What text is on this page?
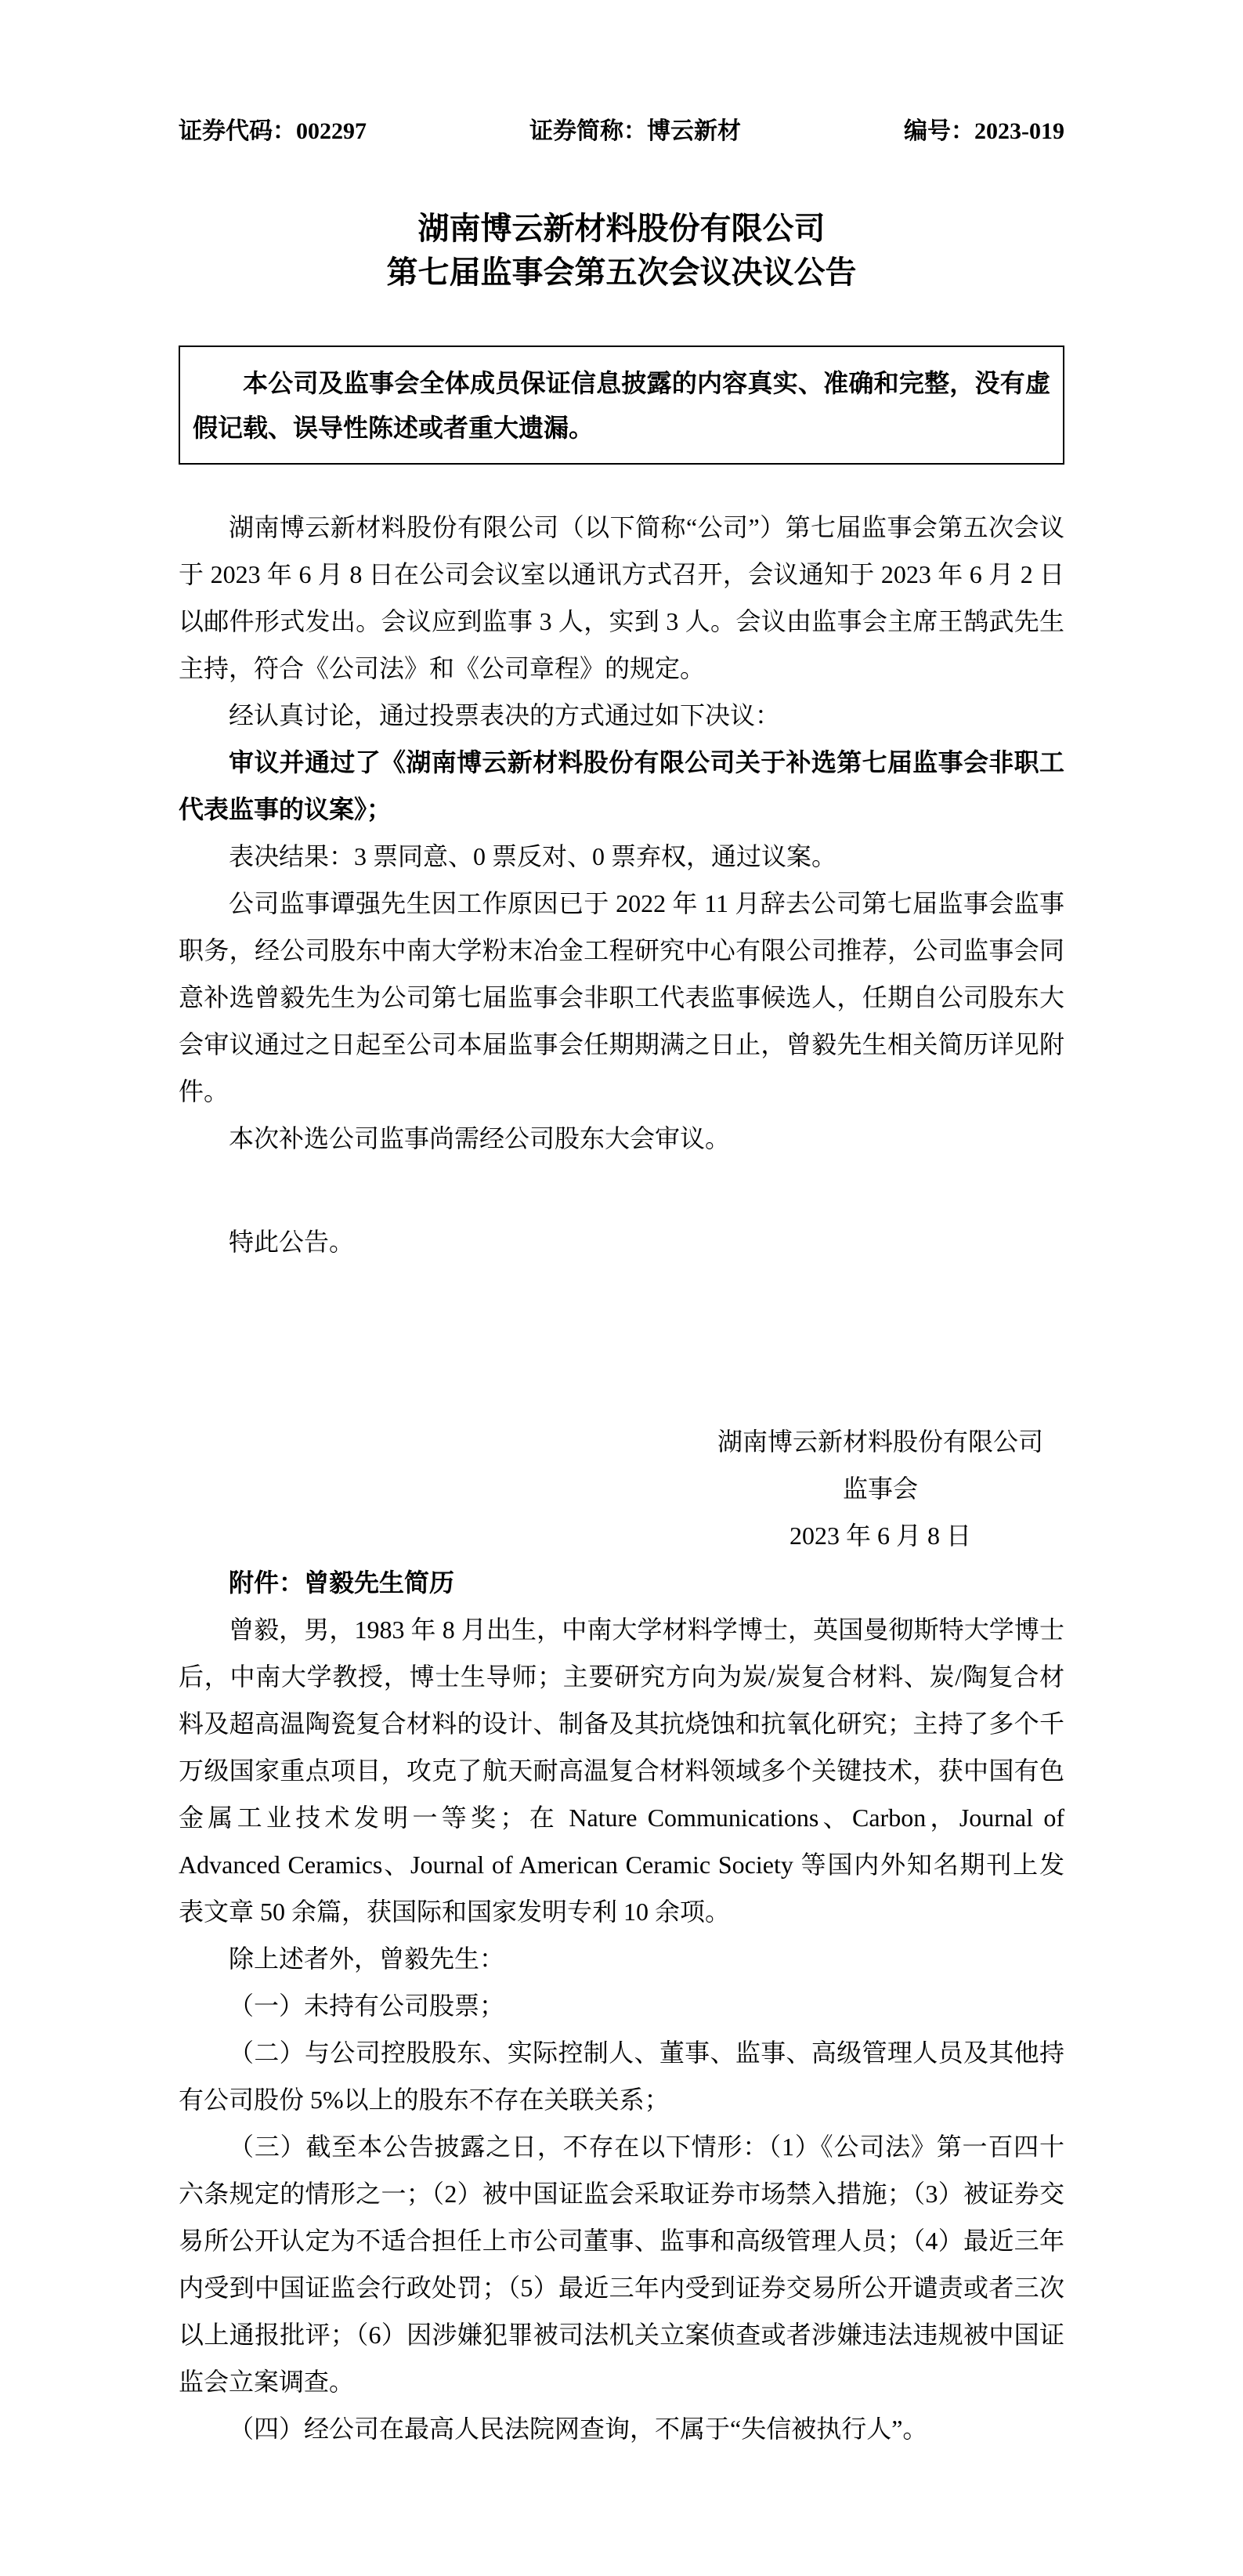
证券代码：002297	证券简称：博云新材	编号：2023-019
湖南博云新材料股份有限公司
第七届监事会第五次会议决议公告

本公司及监事会全体成员保证信息披露的内容真实、准确和完整，没有虚假记载、误导性陈述或者重大遗漏。

湖南博云新材料股份有限公司（以下简称“公司”）第七届监事会第五次会议于 2023 年 6 月 8 日在公司会议室以通讯方式召开，会议通知于 2023 年 6 月 2 日以邮件形式发出。会议应到监事 3 人，实到 3 人。会议由监事会主席王鹄武先生主持，符合《公司法》和《公司章程》的规定。

经认真讨论，通过投票表决的方式通过如下决议：

审议并通过了《湖南博云新材料股份有限公司关于补选第七届监事会非职工代表监事的议案》；

表决结果：3 票同意、0 票反对、0 票弃权，通过议案。

公司监事谭强先生因工作原因已于 2022 年 11 月辞去公司第七届监事会监事职务，经公司股东中南大学粉末冶金工程研究中心有限公司推荐，公司监事会同意补选曾毅先生为公司第七届监事会非职工代表监事候选人，任期自公司股东大会审议通过之日起至公司本届监事会任期期满之日止，曾毅先生相关简历详见附件。

本次补选公司监事尚需经公司股东大会审议。

特此公告。

湖南博云新材料股份有限公司
监事会
2023 年 6 月 8 日

附件：曾毅先生简历

曾毅，男，1983 年 8 月出生，中南大学材料学博士，英国曼彻斯特大学博士后，中南大学教授，博士生导师；主要研究方向为炭/炭复合材料、炭/陶复合材料及超高温陶瓷复合材料的设计、制备及其抗烧蚀和抗氧化研究；主持了多个千万级国家重点项目，攻克了航天耐高温复合材料领域多个关键技术，获中国有色金属工业技术发明一等奖；在 Nature Communications、Carbon，Journal of Advanced Ceramics、Journal of American Ceramic Society 等国内外知名期刊上发表文章 50 余篇，获国际和国家发明专利 10 余项。

除上述者外，曾毅先生：

（一）未持有公司股票；

（二）与公司控股股东、实际控制人、董事、监事、高级管理人员及其他持有公司股份 5%以上的股东不存在关联关系；

（三）截至本公告披露之日，不存在以下情形：（1）《公司法》第一百四十六条规定的情形之一；（2）被中国证监会采取证券市场禁入措施；（3）被证券交易所公开认定为不适合担任上市公司董事、监事和高级管理人员；（4）最近三年内受到中国证监会行政处罚；（5）最近三年内受到证券交易所公开谴责或者三次以上通报批评；（6）因涉嫌犯罪被司法机关立案侦查或者涉嫌违法违规被中国证监会立案调查。

（四）经公司在最高人民法院网查询，不属于“失信被执行人”。
